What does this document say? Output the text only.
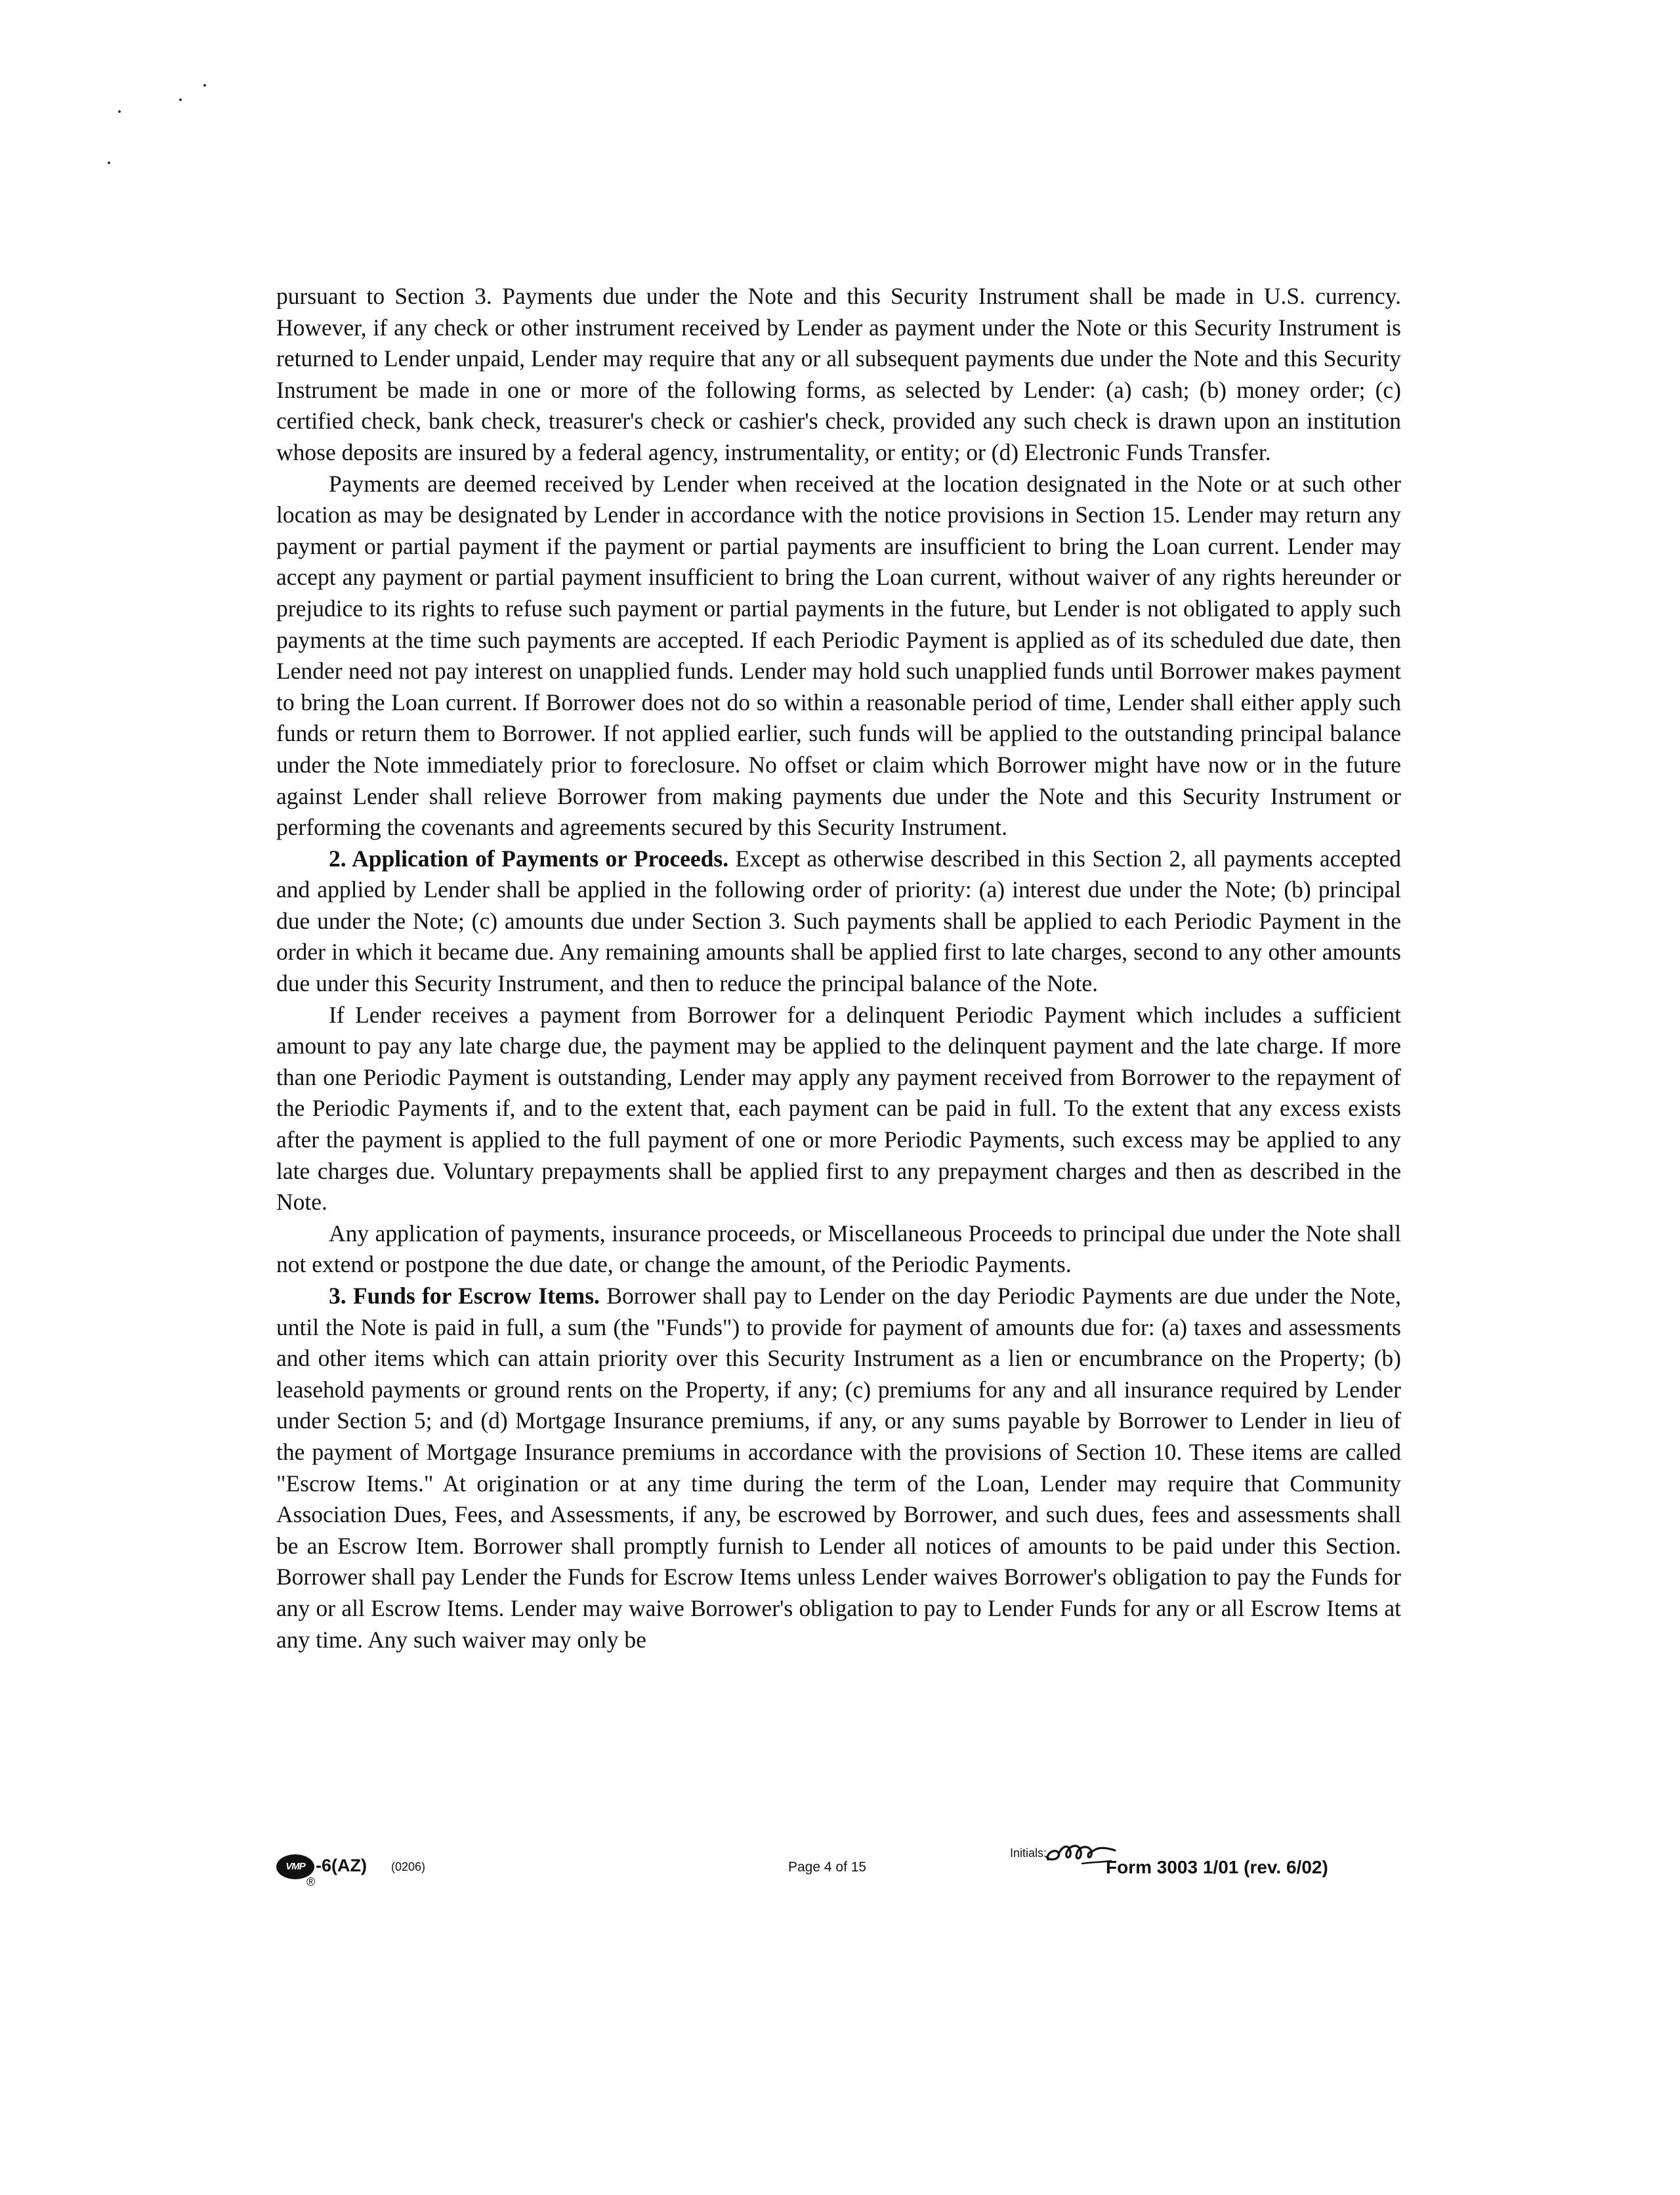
pursuant to Section 3. Payments due under the Note and this Security Instrument shall be made in U.S. currency. However, if any check or other instrument received by Lender as payment under the Note or this Security Instrument is returned to Lender unpaid, Lender may require that any or all subsequent payments due under the Note and this Security Instrument be made in one or more of the following forms, as selected by Lender: (a) cash; (b) money order; (c) certified check, bank check, treasurer's check or cashier's check, provided any such check is drawn upon an institution whose deposits are insured by a federal agency, instrumentality, or entity; or (d) Electronic Funds Transfer.

Payments are deemed received by Lender when received at the location designated in the Note or at such other location as may be designated by Lender in accordance with the notice provisions in Section 15. Lender may return any payment or partial payment if the payment or partial payments are insufficient to bring the Loan current. Lender may accept any payment or partial payment insufficient to bring the Loan current, without waiver of any rights hereunder or prejudice to its rights to refuse such payment or partial payments in the future, but Lender is not obligated to apply such payments at the time such payments are accepted. If each Periodic Payment is applied as of its scheduled due date, then Lender need not pay interest on unapplied funds. Lender may hold such unapplied funds until Borrower makes payment to bring the Loan current. If Borrower does not do so within a reasonable period of time, Lender shall either apply such funds or return them to Borrower. If not applied earlier, such funds will be applied to the outstanding principal balance under the Note immediately prior to foreclosure. No offset or claim which Borrower might have now or in the future against Lender shall relieve Borrower from making payments due under the Note and this Security Instrument or performing the covenants and agreements secured by this Security Instrument.

2. Application of Payments or Proceeds. Except as otherwise described in this Section 2, all payments accepted and applied by Lender shall be applied in the following order of priority: (a) interest due under the Note; (b) principal due under the Note; (c) amounts due under Section 3. Such payments shall be applied to each Periodic Payment in the order in which it became due. Any remaining amounts shall be applied first to late charges, second to any other amounts due under this Security Instrument, and then to reduce the principal balance of the Note.

If Lender receives a payment from Borrower for a delinquent Periodic Payment which includes a sufficient amount to pay any late charge due, the payment may be applied to the delinquent payment and the late charge. If more than one Periodic Payment is outstanding, Lender may apply any payment received from Borrower to the repayment of the Periodic Payments if, and to the extent that, each payment can be paid in full. To the extent that any excess exists after the payment is applied to the full payment of one or more Periodic Payments, such excess may be applied to any late charges due. Voluntary prepayments shall be applied first to any prepayment charges and then as described in the Note.

Any application of payments, insurance proceeds, or Miscellaneous Proceeds to principal due under the Note shall not extend or postpone the due date, or change the amount, of the Periodic Payments.

3. Funds for Escrow Items. Borrower shall pay to Lender on the day Periodic Payments are due under the Note, until the Note is paid in full, a sum (the "Funds") to provide for payment of amounts due for: (a) taxes and assessments and other items which can attain priority over this Security Instrument as a lien or encumbrance on the Property; (b) leasehold payments or ground rents on the Property, if any; (c) premiums for any and all insurance required by Lender under Section 5; and (d) Mortgage Insurance premiums, if any, or any sums payable by Borrower to Lender in lieu of the payment of Mortgage Insurance premiums in accordance with the provisions of Section 10. These items are called "Escrow Items." At origination or at any time during the term of the Loan, Lender may require that Community Association Dues, Fees, and Assessments, if any, be escrowed by Borrower, and such dues, fees and assessments shall be an Escrow Item. Borrower shall promptly furnish to Lender all notices of amounts to be paid under this Section. Borrower shall pay Lender the Funds for Escrow Items unless Lender waives Borrower's obligation to pay the Funds for any or all Escrow Items. Lender may waive Borrower's obligation to pay to Lender Funds for any or all Escrow Items at any time. Any such waiver may only be

VMP
®
-6(AZ) (0206)	Page 4 of 15
Initials:
Form 3003 1/01 (rev. 6/02)
